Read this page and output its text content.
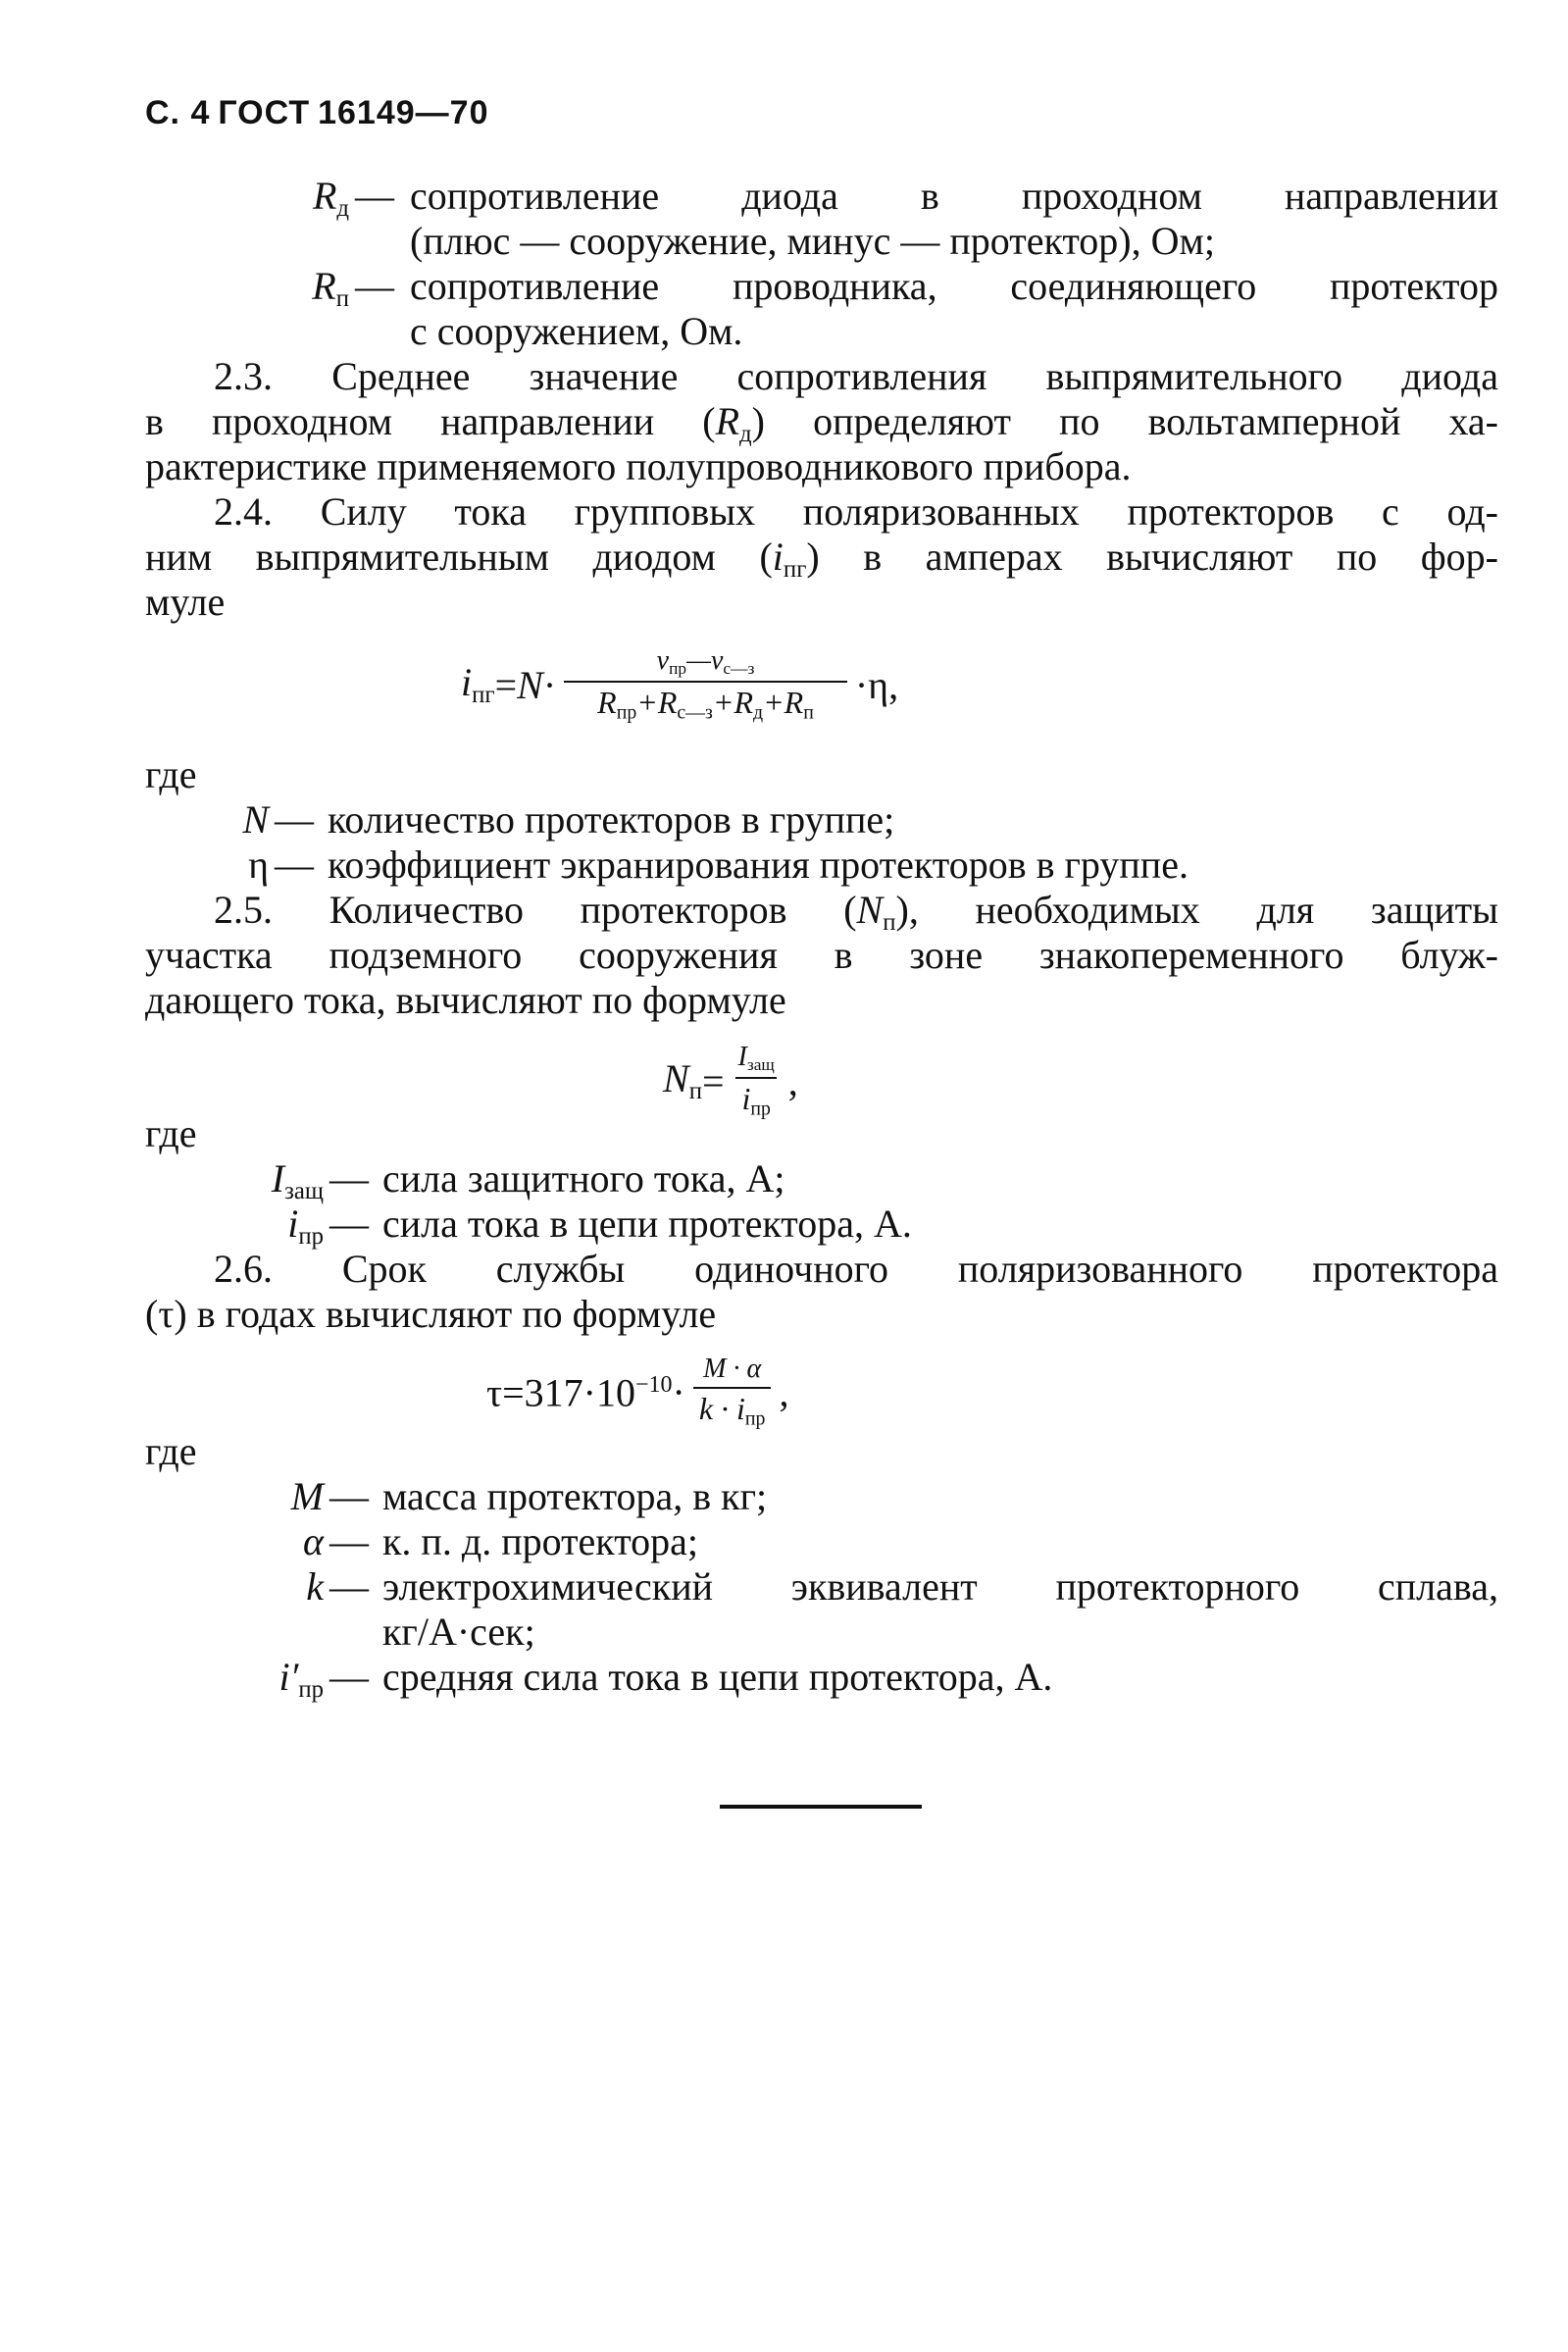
С. 4 ГОСТ 16149—70
$R_д$ — сопротивление диода в проходном направлении
(плюс — сооружение, минус — протектор), Ом;
$R_п$ — сопротивление проводника, соединяющего протектор
с сооружением, Ом.
2.3. Среднее значение сопротивления выпрямительного диода
в проходном направлении $(R_д)$ определяют по вольтамперной ха-
рактеристике применяемого полупроводникового прибора.
2.4. Силу тока групповых поляризованных протекторов с од-
ним выпрямительным диодом $(i_{пг})$ в амперах вычисляют по фор-
муле
$i_{пг} = N \cdot \frac{v_{пр}—v_{с—з}}{R_{пр}+R_{с—з}+R_д+R_п} \cdot\eta$,
где
N — количество протекторов в группе;
η — коэффициент экранирования протекторов в группе.
2.5. Количество протекторов $(N_п)$, необходимых для защиты
участка подземного сооружения в зоне знакопеременного блуж-
дающего тока, вычисляют по формуле
$N_п = \frac{I_{защ}}{i_{пр}}$ ,
где
$I_{защ}$ — сила защитного тока, А;
$i_{пр}$ — сила тока в цепи протектора, А.
2.6. Срок службы одиночного поляризованного протектора
(τ) в годах вычисляют по формуле
$\tau=317\cdot 10^{-10} \cdot \frac{M \cdot \alpha}{k \cdot i_{пр}}$ ,
где
M — масса протектора, в кг;
α — к. п. д. протектора;
k — электрохимический эквивалент протекторного сплава,
кг/А·сек;
$i'_{пр}$ — средняя сила тока в цепи протектора, А.
